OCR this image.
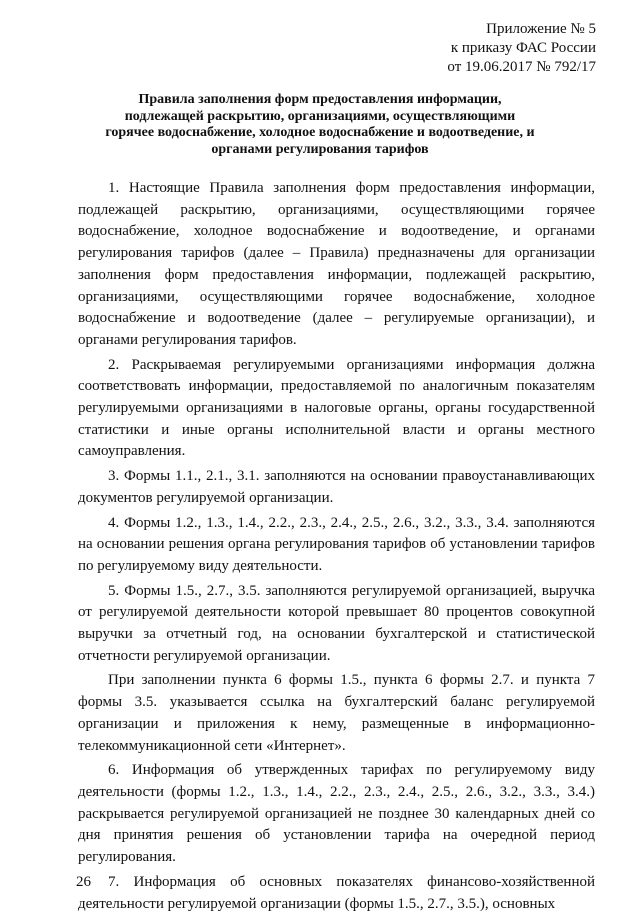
Приложение № 5
к приказу ФАС России
от 19.06.2017 № 792/17
Правила заполнения форм предоставления информации, подлежащей раскрытию, организациями, осуществляющими горячее водоснабжение, холодное водоснабжение и водоотведение, и органами регулирования тарифов

1. Настоящие Правила заполнения форм предоставления информации, подлежащей раскрытию, организациями, осуществляющими горячее водоснабжение, холодное водоснабжение и водоотведение, и органами регулирования тарифов (далее – Правила) предназначены для организации заполнения форм предоставления информации, подлежащей раскрытию, организациями, осуществляющими горячее водоснабжение, холодное водоснабжение и водоотведение (далее – регулируемые организации), и органами регулирования тарифов.

2. Раскрываемая регулируемыми организациями информация должна соответствовать информации, предоставляемой по аналогичным показателям регулируемыми организациями в налоговые органы, органы государственной статистики и иные органы исполнительной власти и органы местного самоуправления.

3. Формы 1.1., 2.1., 3.1. заполняются на основании правоустанавливающих документов регулируемой организации.

4. Формы 1.2., 1.3., 1.4., 2.2., 2.3., 2.4., 2.5., 2.6., 3.2., 3.3., 3.4. заполняются на основании решения органа регулирования тарифов об установлении тарифов по регулируемому виду деятельности.

5. Формы 1.5., 2.7., 3.5. заполняются регулируемой организацией, выручка от регулируемой деятельности которой превышает 80 процентов совокупной выручки за отчетный год, на основании бухгалтерской и статистической отчетности регулируемой организации.

При заполнении пункта 6 формы 1.5., пункта 6 формы 2.7. и пункта 7 формы 3.5. указывается ссылка на бухгалтерский баланс регулируемой организации и приложения к нему, размещенные в информационно-телекоммуникационной сети «Интернет».

6. Информация об утвержденных тарифах по регулируемому виду деятельности (формы 1.2., 1.3., 1.4., 2.2., 2.3., 2.4., 2.5., 2.6., 3.2., 3.3., 3.4.) раскрывается регулируемой организацией не позднее 30 календарных дней со дня принятия решения об установлении тарифа на очередной период регулирования.

7. Информация об основных показателях финансово-хозяйственной деятельности регулируемой организации (формы 1.5., 2.7., 3.5.), основных

26
